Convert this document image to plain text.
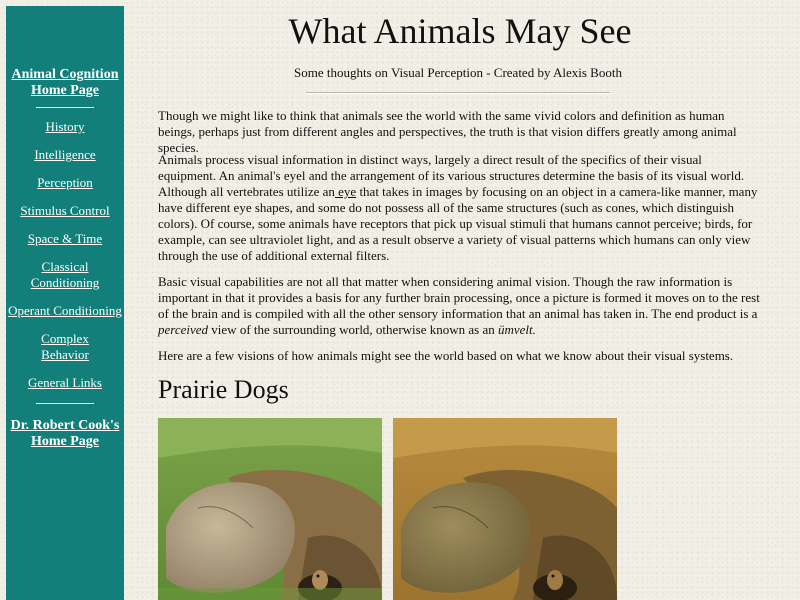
Animal Cognition Home Page
History
Intelligence
Perception
Stimulus Control
Space & Time
Classical Conditioning
Operant Conditioning
Complex Behavior
General Links
Dr. Robert Cook's Home Page
What Animals May See

Some thoughts on Visual Perception - Created by Alexis Booth

Though we might like to think that animals see the world with the same vivid colors and definition as human beings, perhaps just from different angles and perspectives, the truth is that vision differs greatly among animal species.

Animals process visual information in distinct ways, largely a direct result of the specifics of their visual equipment. An animal's eyel and the arrangement of its various structures determine the basis of its visual world. Although all vertebrates utilize an eye that takes in images by focusing on an object in a camera-like manner, many have different eye shapes, and some do not possess all of the same structures (such as cones, which distinguish colors). Of course, some animals have receptors that pick up visual stimuli that humans cannot perceive; birds, for example, can see ultraviolet light, and as a result observe a variety of visual patterns which humans can only view through the use of additional external filters.

Basic visual capabilities are not all that matter when considering animal vision. Though the raw information is important in that it provides a basis for any further brain processing, once a picture is formed it moves on to the rest of the brain and is compiled with all the other sensory information that an animal has taken in. The end product is a perceived view of the surrounding world, otherwise known as an ümvelt.

Here are a few visions of how animals might see the world based on what we know about their visual systems.

Prairie Dogs
